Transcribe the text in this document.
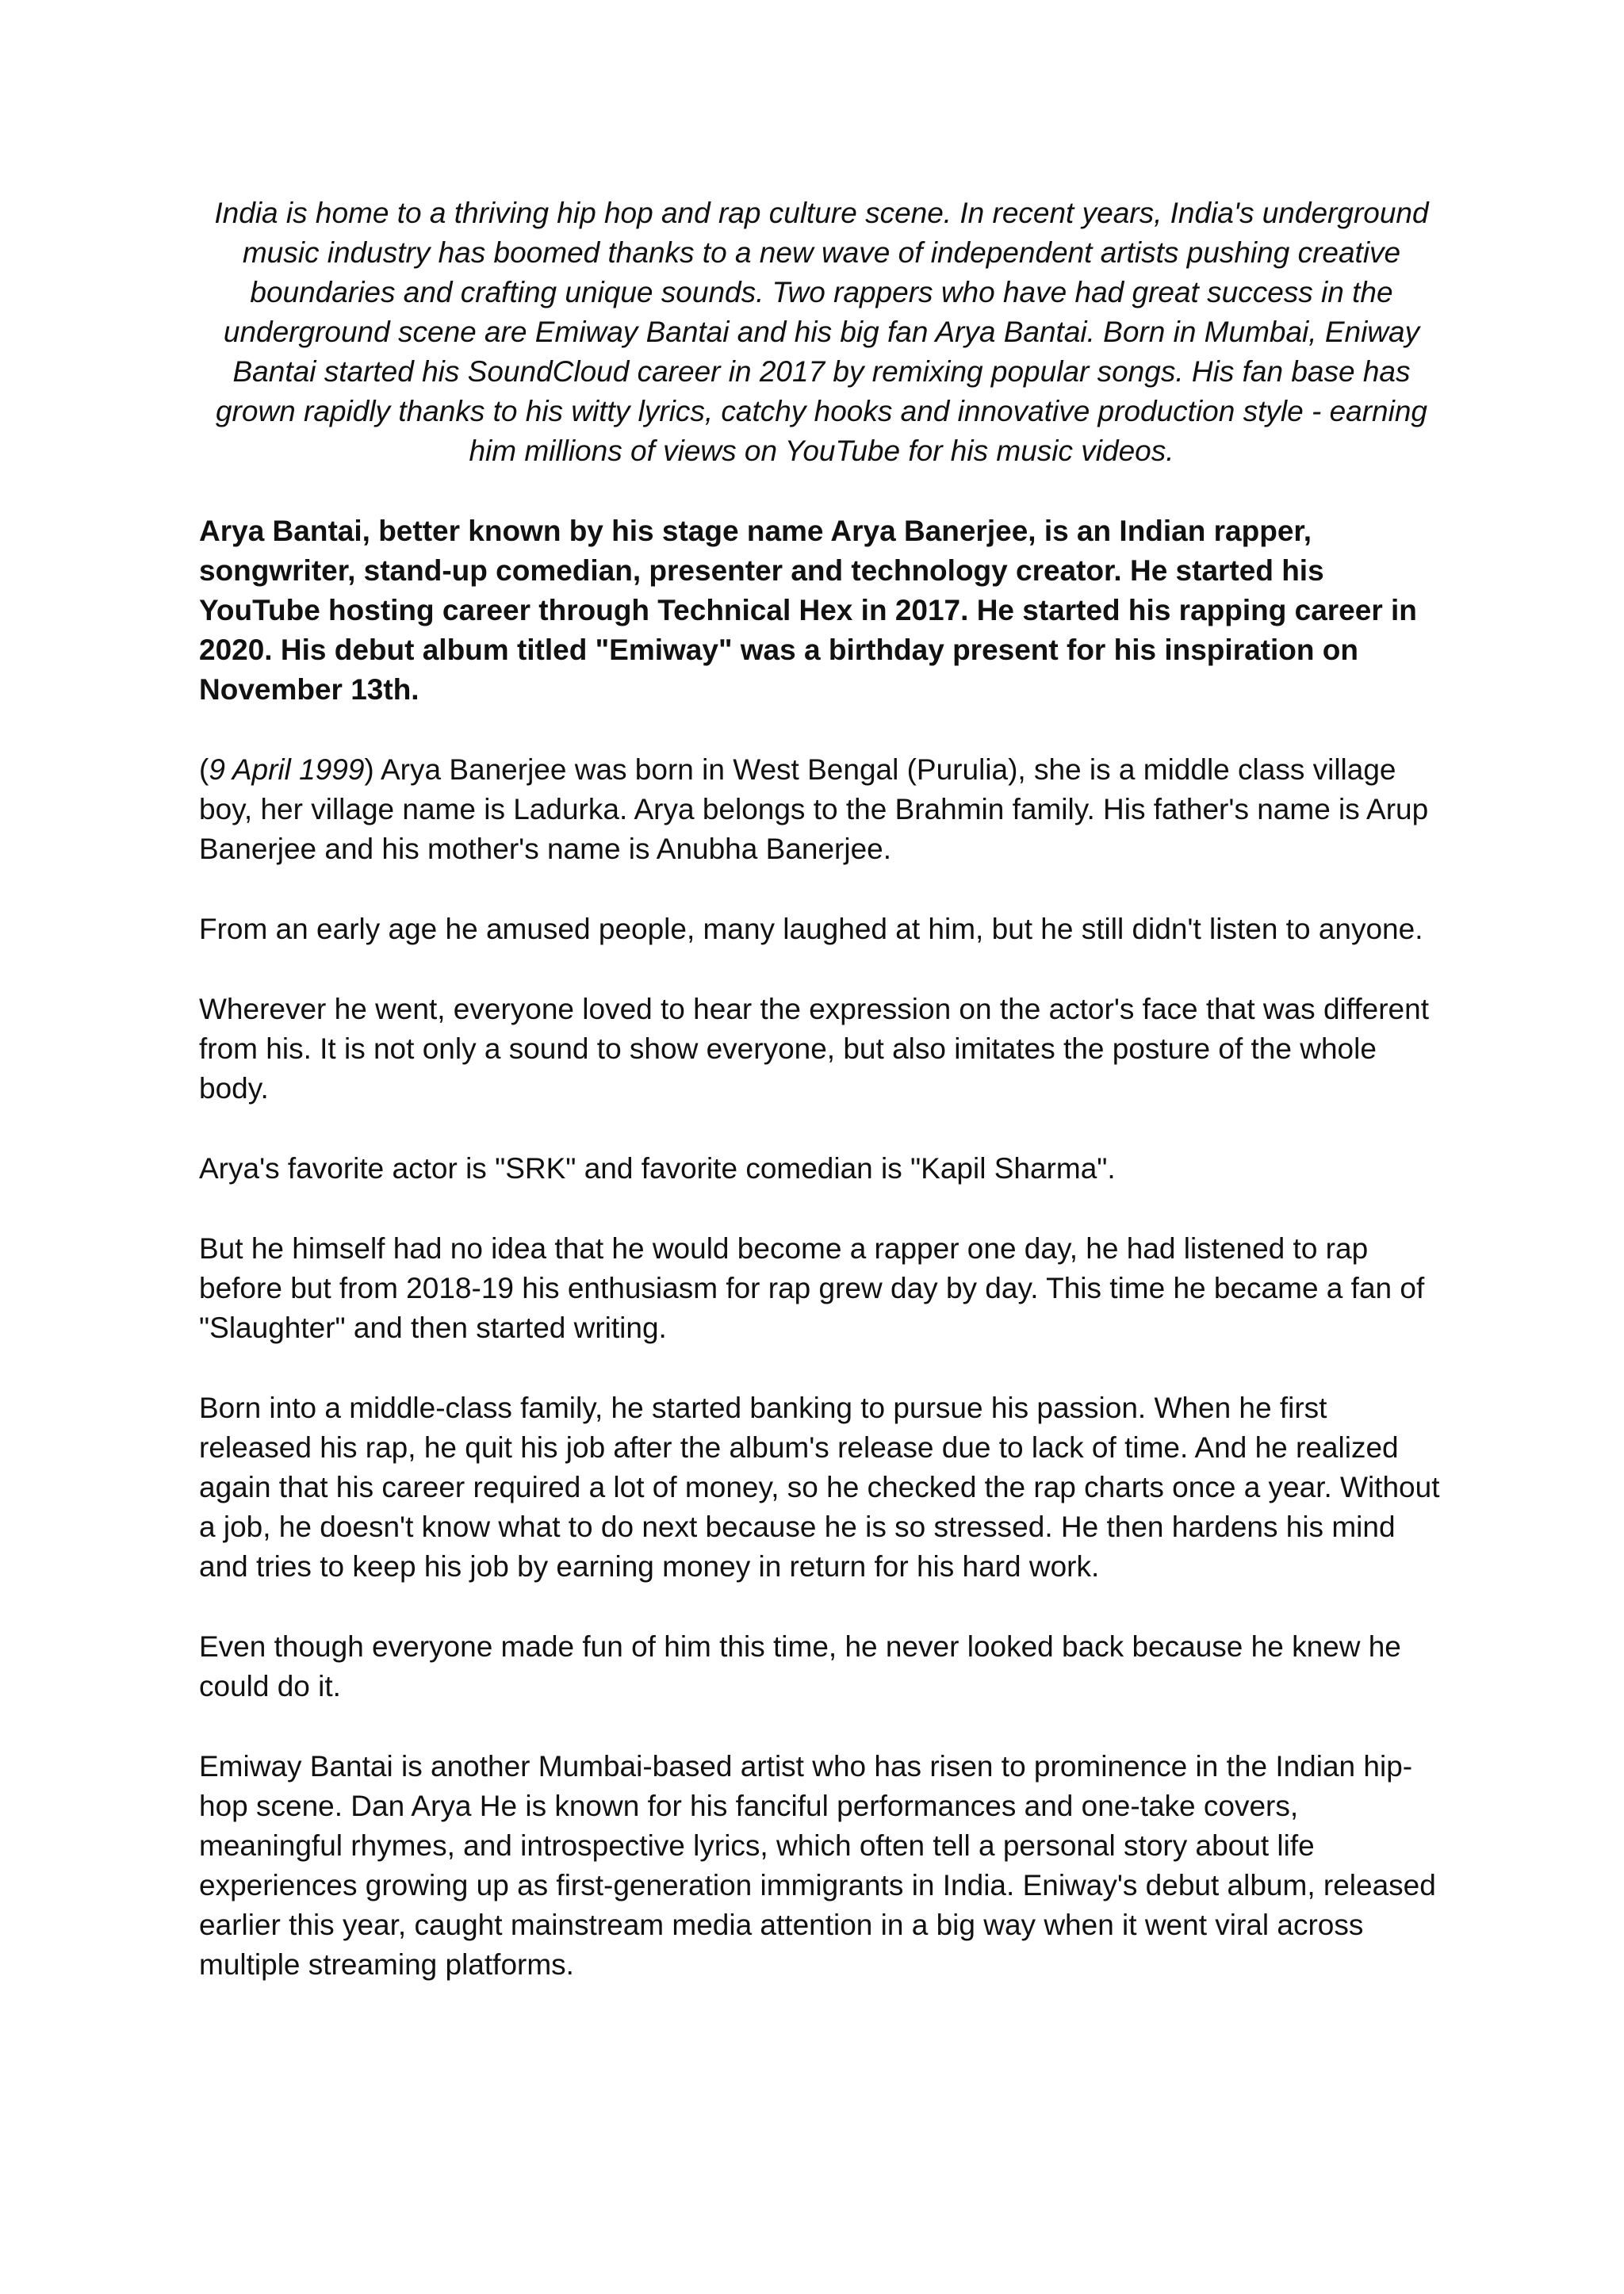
India is home to a thriving hip hop and rap culture scene. In recent years, India's underground music industry has boomed thanks to a new wave of independent artists pushing creative boundaries and crafting unique sounds. Two rappers who have had great success in the underground scene are Emiway Bantai and his big fan Arya Bantai. Born in Mumbai, Eniway Bantai started his SoundCloud career in 2017 by remixing popular songs. His fan base has grown rapidly thanks to his witty lyrics, catchy hooks and innovative production style - earning him millions of views on YouTube for his music videos.

Arya Bantai, better known by his stage name Arya Banerjee, is an Indian rapper, songwriter, stand-up comedian, presenter and technology creator. He started his YouTube hosting career through Technical Hex in 2017. He started his rapping career in 2020. His debut album titled "Emiway" was a birthday present for his inspiration on November 13th.

(9 April 1999) Arya Banerjee was born in West Bengal (Purulia), she is a middle class village boy, her village name is Ladurka. Arya belongs to the Brahmin family. His father's name is Arup Banerjee and his mother's name is Anubha Banerjee.

From an early age he amused people, many laughed at him, but he still didn't listen to anyone.

Wherever he went, everyone loved to hear the expression on the actor's face that was different from his. It is not only a sound to show everyone, but also imitates the posture of the whole body.

Arya's favorite actor is "SRK" and favorite comedian is "Kapil Sharma".

But he himself had no idea that he would become a rapper one day, he had listened to rap before but from 2018-19 his enthusiasm for rap grew day by day. This time he became a fan of "Slaughter" and then started writing.

Born into a middle-class family, he started banking to pursue his passion. When he first released his rap, he quit his job after the album's release due to lack of time. And he realized again that his career required a lot of money, so he checked the rap charts once a year. Without a job, he doesn't know what to do next because he is so stressed. He then hardens his mind and tries to keep his job by earning money in return for his hard work.

Even though everyone made fun of him this time, he never looked back because he knew he could do it.

Emiway Bantai is another Mumbai-based artist who has risen to prominence in the Indian hip-hop scene. Dan Arya He is known for his fanciful performances and one-take covers, meaningful rhymes, and introspective lyrics, which often tell a personal story about life experiences growing up as first-generation immigrants in India. Eniway's debut album, released earlier this year, caught mainstream media attention in a big way when it went viral across multiple streaming platforms.
